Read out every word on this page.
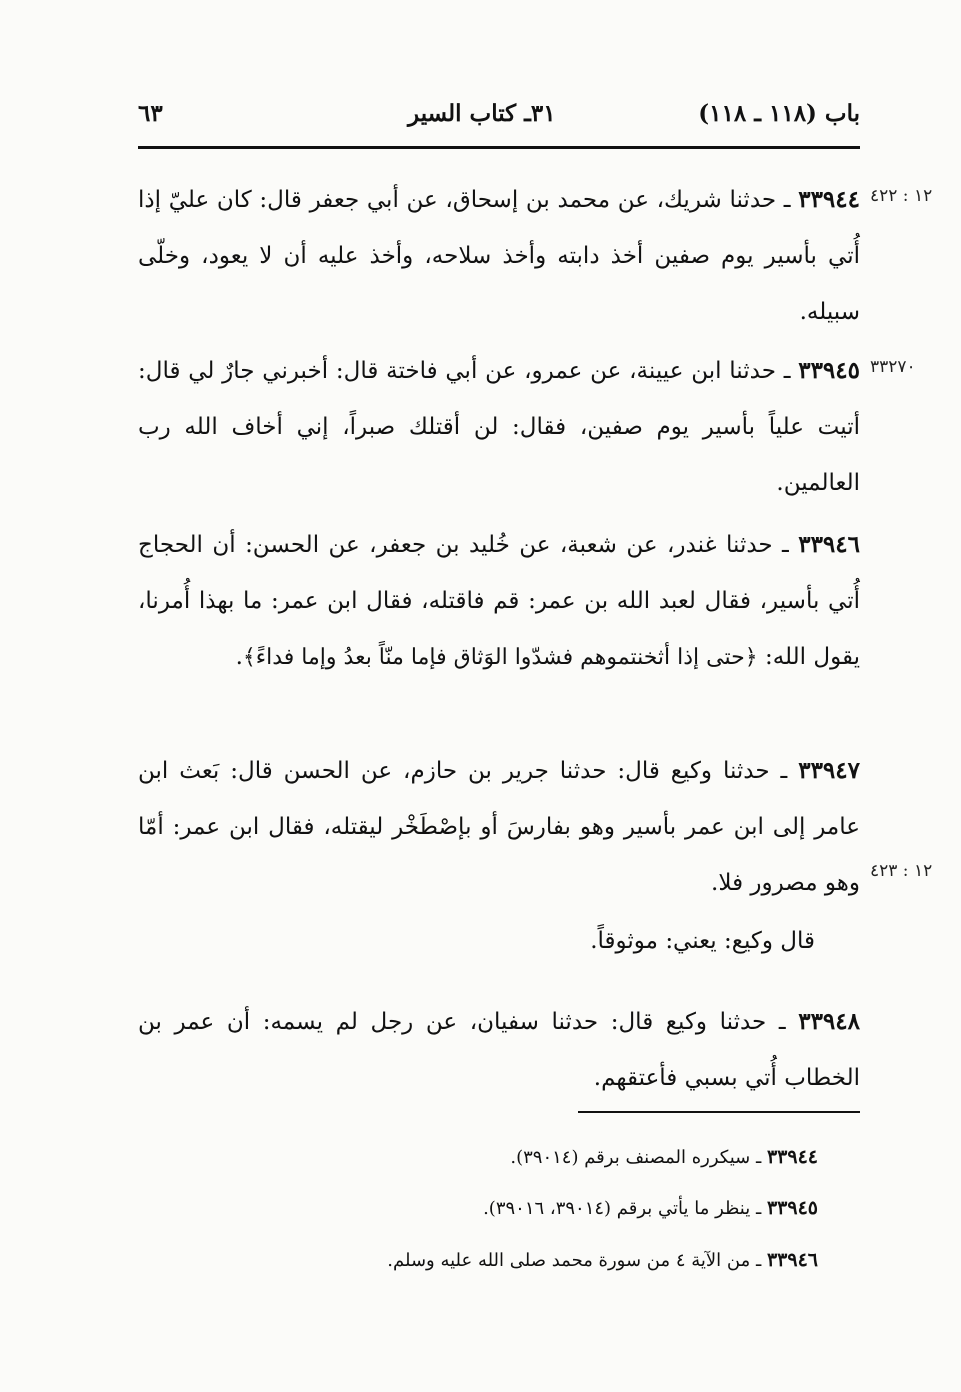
باب (١١٨ ـ ١١٨)
٣١ـ كتاب السير
٦٣
١٢ : ٤٢٢
٣٣٢٧٠
١٢ : ٤٢٣
٣٣٩٤٤ ـ حدثنا شريك، عن محمد بن إسحاق، عن أبي جعفر قال: كان عليّ إذا أُتي بأسير يوم صفين أخذ دابته وأخذ سلاحه، وأخذ عليه أن لا يعود، وخلّى سبيله.
٣٣٩٤٥ ـ حدثنا ابن عيينة، عن عمرو، عن أبي فاختة قال: أخبرني جارٌ لي قال: أتيت علياً بأسير يوم صفين، فقال: لن أقتلك صبراً، إني أخاف الله رب العالمين.
٣٣٩٤٦ ـ حدثنا غندر، عن شعبة، عن خُليد بن جعفر، عن الحسن: أن الحجاج أُتي بأسير، فقال لعبد الله بن عمر: قم فاقتله، فقال ابن عمر: ما بهذا أُمرنا، يقول الله: ﴿حتى إذا أثخنتموهم فشدّوا الوَثاق فإما منّاً بعدُ وإما فداءً﴾.
٣٣٩٤٧ ـ حدثنا وكيع قال: حدثنا جرير بن حازم، عن الحسن قال: بَعث ابن عامر إلى ابن عمر بأسير وهو بفارسَ أو بإصْطَخْر ليقتله، فقال ابن عمر: أمّا وهو مصرور فلا.
قال وكيع: يعني: موثوقاً.
٣٣٩٤٨ ـ حدثنا وكيع قال: حدثنا سفيان، عن رجل لم يسمه: أن عمر بن الخطاب أُتي بسبي فأعتقهم.
٣٣٩٤٤ ـ سيكرره المصنف برقم (٣٩٠١٤).
٣٣٩٤٥ ـ ينظر ما يأتي برقم (٣٩٠١٤، ٣٩٠١٦).
٣٣٩٤٦ ـ من الآية ٤ من سورة محمد صلى الله عليه وسلم.
